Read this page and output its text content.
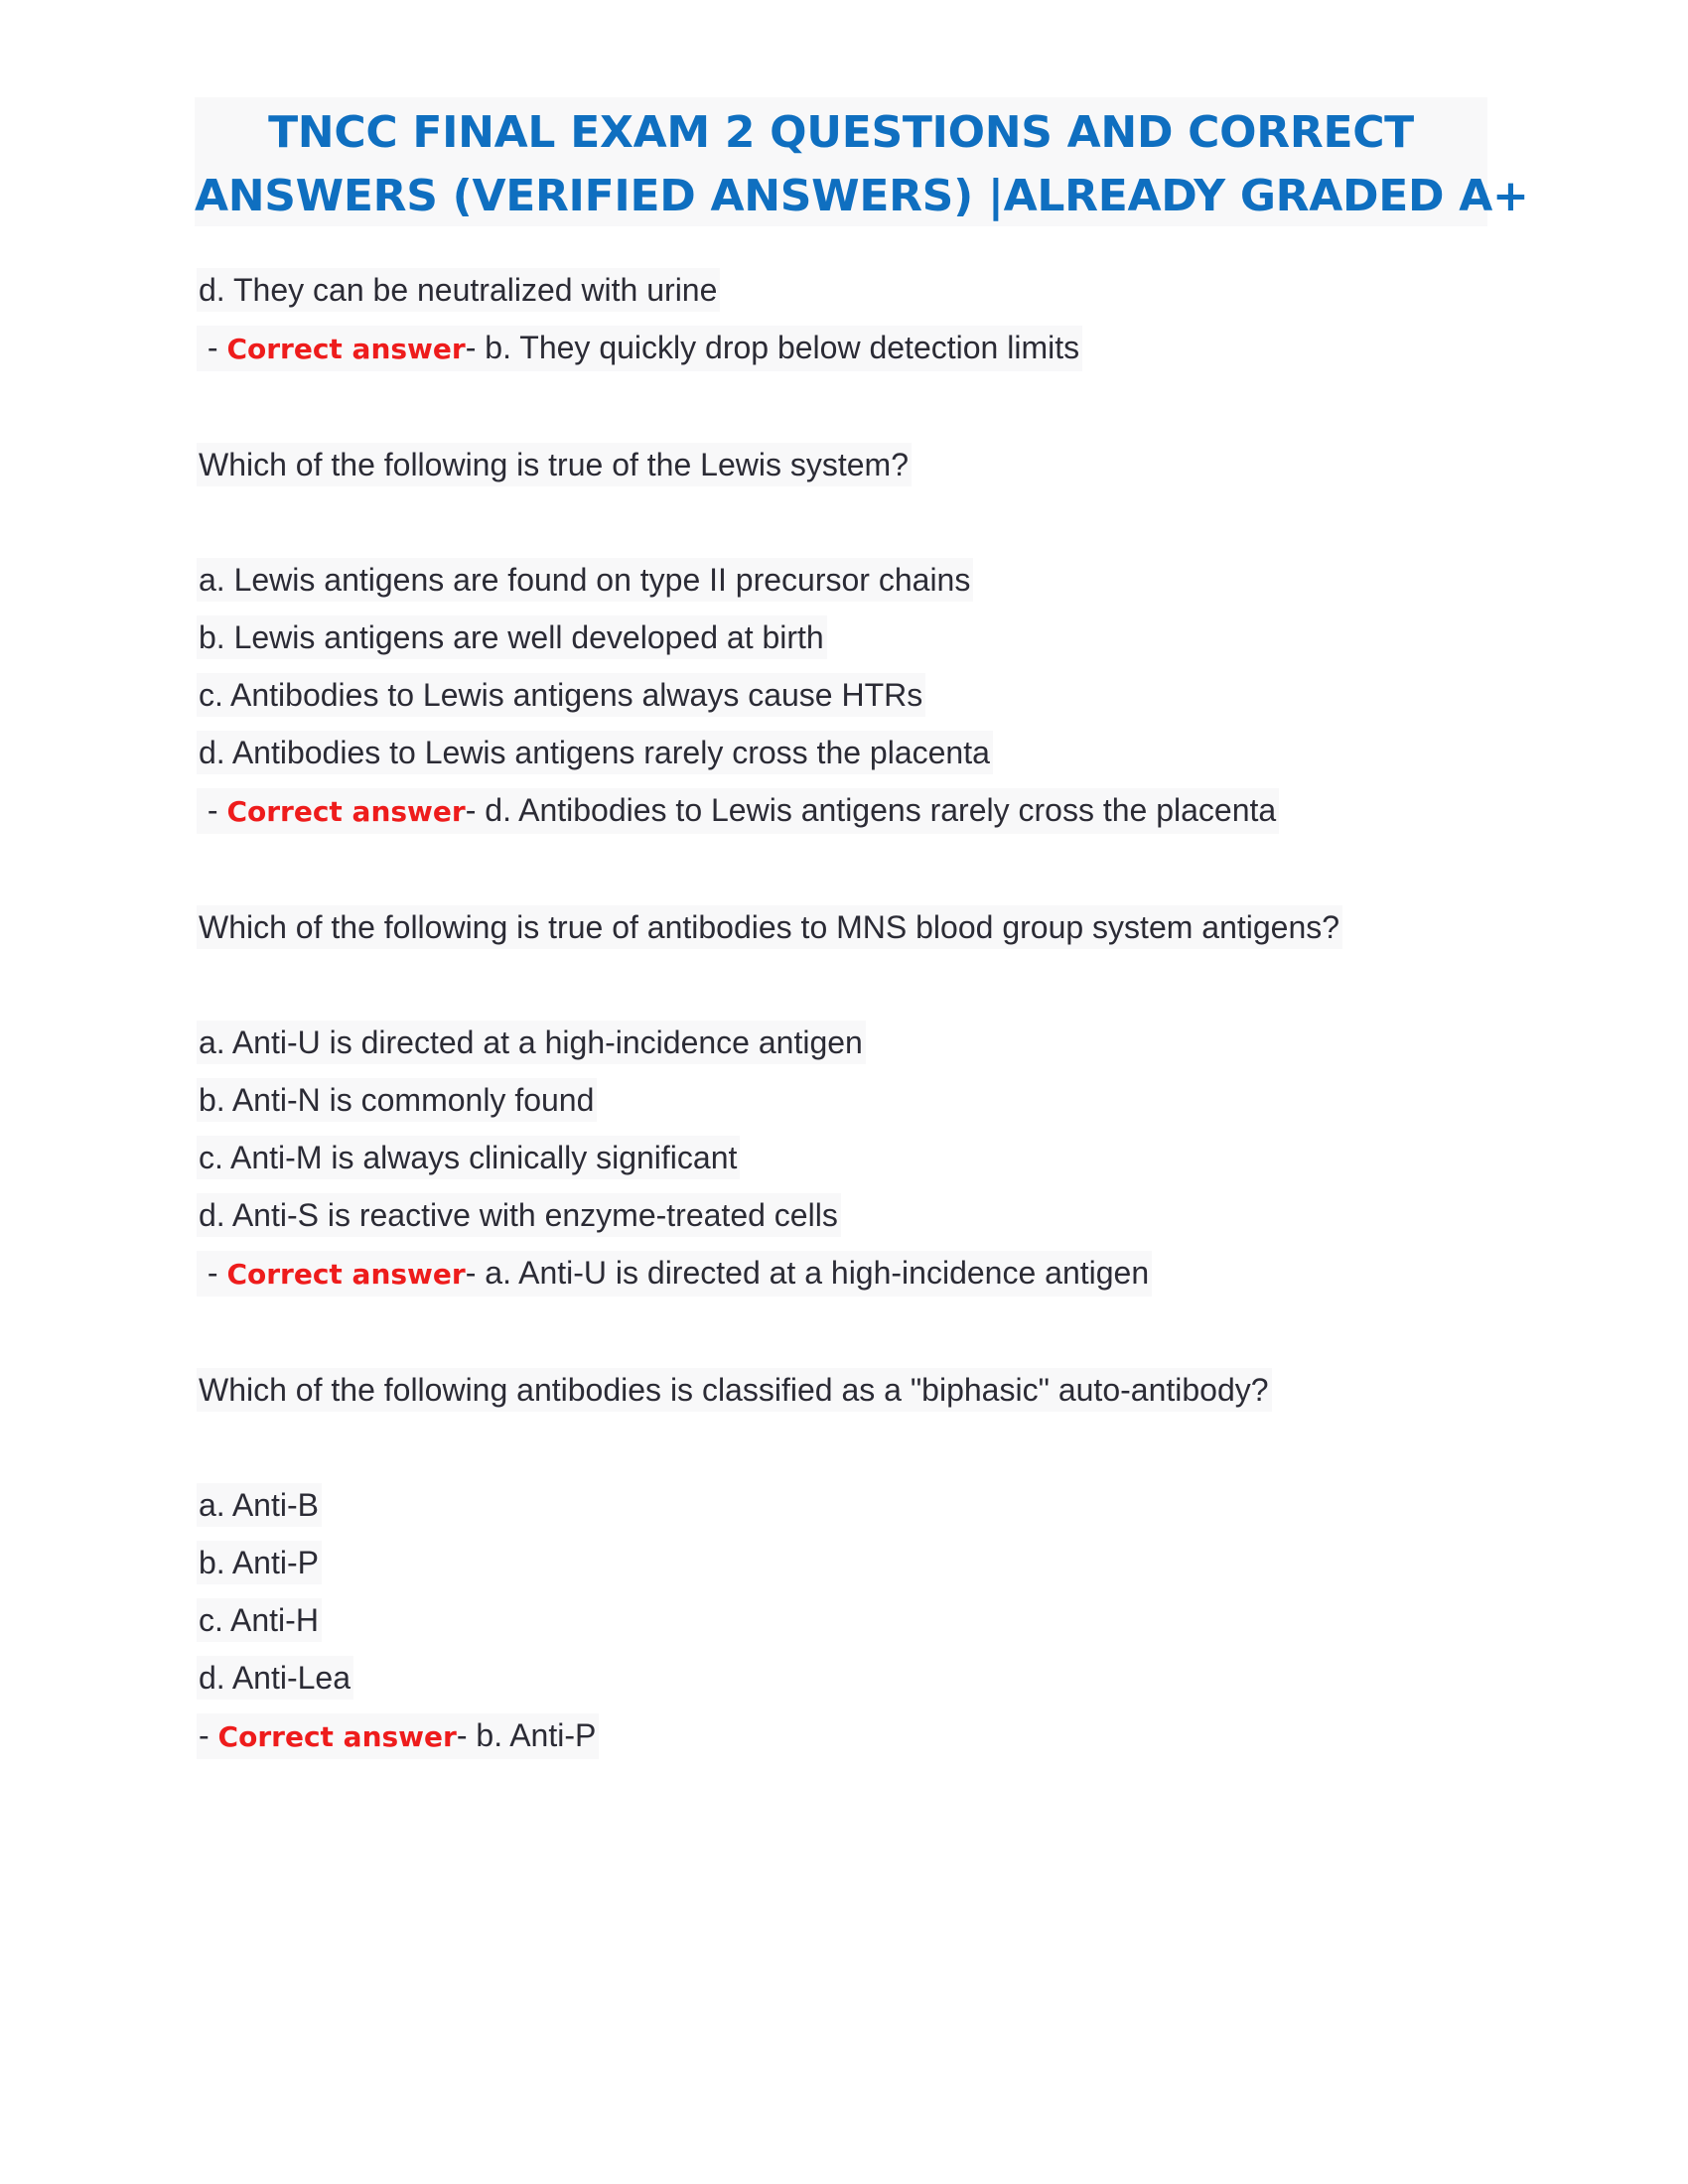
TNCC FINAL EXAM 2 QUESTIONS AND CORRECT
ANSWERS (VERIFIED ANSWERS) |ALREADY GRADED A+
d. They can be neutralized with urine
- Correct answer- b. They quickly drop below detection limits
Which of the following is true of the Lewis system?
a. Lewis antigens are found on type II precursor chains
b. Lewis antigens are well developed at birth
c. Antibodies to Lewis antigens always cause HTRs
d. Antibodies to Lewis antigens rarely cross the placenta
- Correct answer- d. Antibodies to Lewis antigens rarely cross the placenta
Which of the following is true of antibodies to MNS blood group system antigens?
a. Anti-U is directed at a high-incidence antigen
b. Anti-N is commonly found
c. Anti-M is always clinically significant
d. Anti-S is reactive with enzyme-treated cells
- Correct answer- a. Anti-U is directed at a high-incidence antigen
Which of the following antibodies is classified as a "biphasic" auto-antibody?
a. Anti-B
b. Anti-P
c. Anti-H
d. Anti-Lea
- Correct answer- b. Anti-P
